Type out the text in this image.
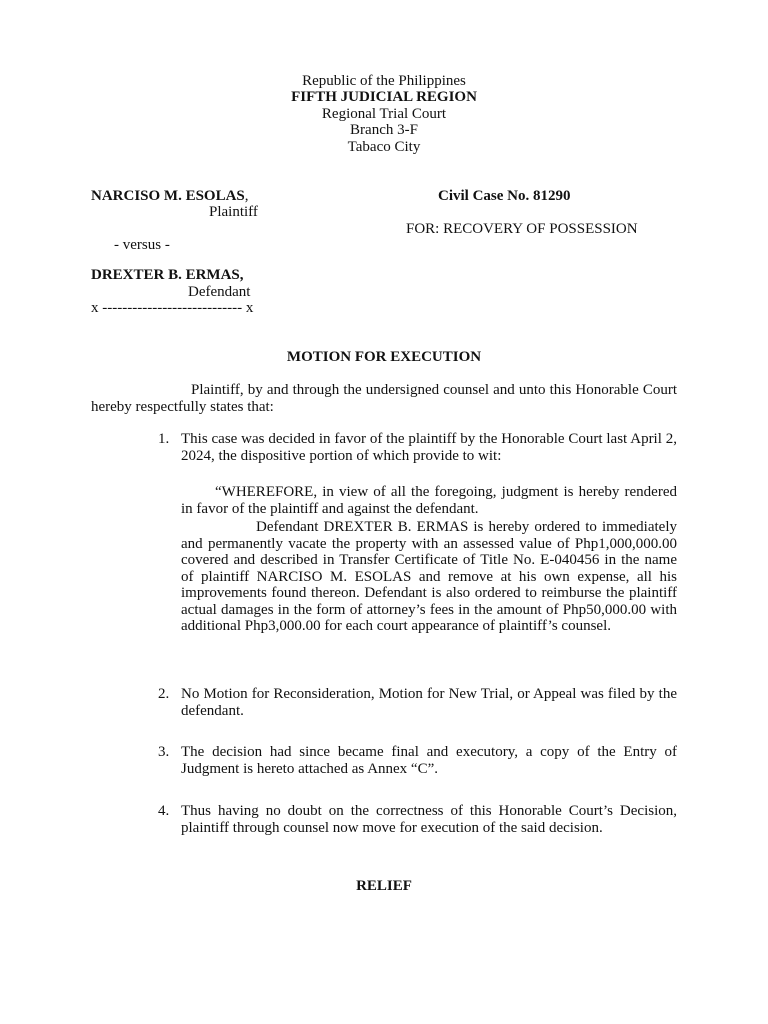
Republic of the Philippines
FIFTH JUDICIAL REGION
Regional Trial Court
Branch 3-F
Tabaco City
NARCISO M. ESOLAS,
Plaintiff
- versus -
DREXTER B. ERMAS,
Defendant
x ---------------------------- x
Civil Case No. 81290
FOR: RECOVERY OF POSSESSION
MOTION FOR EXECUTION
Plaintiff, by and through the undersigned counsel and unto this Honorable Court hereby respectfully states that:
1. This case was decided in favor of the plaintiff by the Honorable Court last April 2, 2024, the dispositive portion of which provide to wit:
“WHEREFORE, in view of all the foregoing, judgment is hereby rendered in favor of the plaintiff and against the defendant.
Defendant DREXTER B. ERMAS is hereby ordered to immediately and permanently vacate the property with an assessed value of Php1,000,000.00 covered and described in Transfer Certificate of Title No. E-040456 in the name of plaintiff NARCISO M. ESOLAS and remove at his own expense, all his improvements found thereon. Defendant is also ordered to reimburse the plaintiff actual damages in the form of attorney’s fees in the amount of Php50,000.00 with additional Php3,000.00 for each court appearance of plaintiff’s counsel.
2. No Motion for Reconsideration, Motion for New Trial, or Appeal was filed by the defendant.
3. The decision had since became final and executory, a copy of the Entry of Judgment is hereto attached as Annex “C”.
4. Thus having no doubt on the correctness of this Honorable Court’s Decision, plaintiff through counsel now move for execution of the said decision.
RELIEF
